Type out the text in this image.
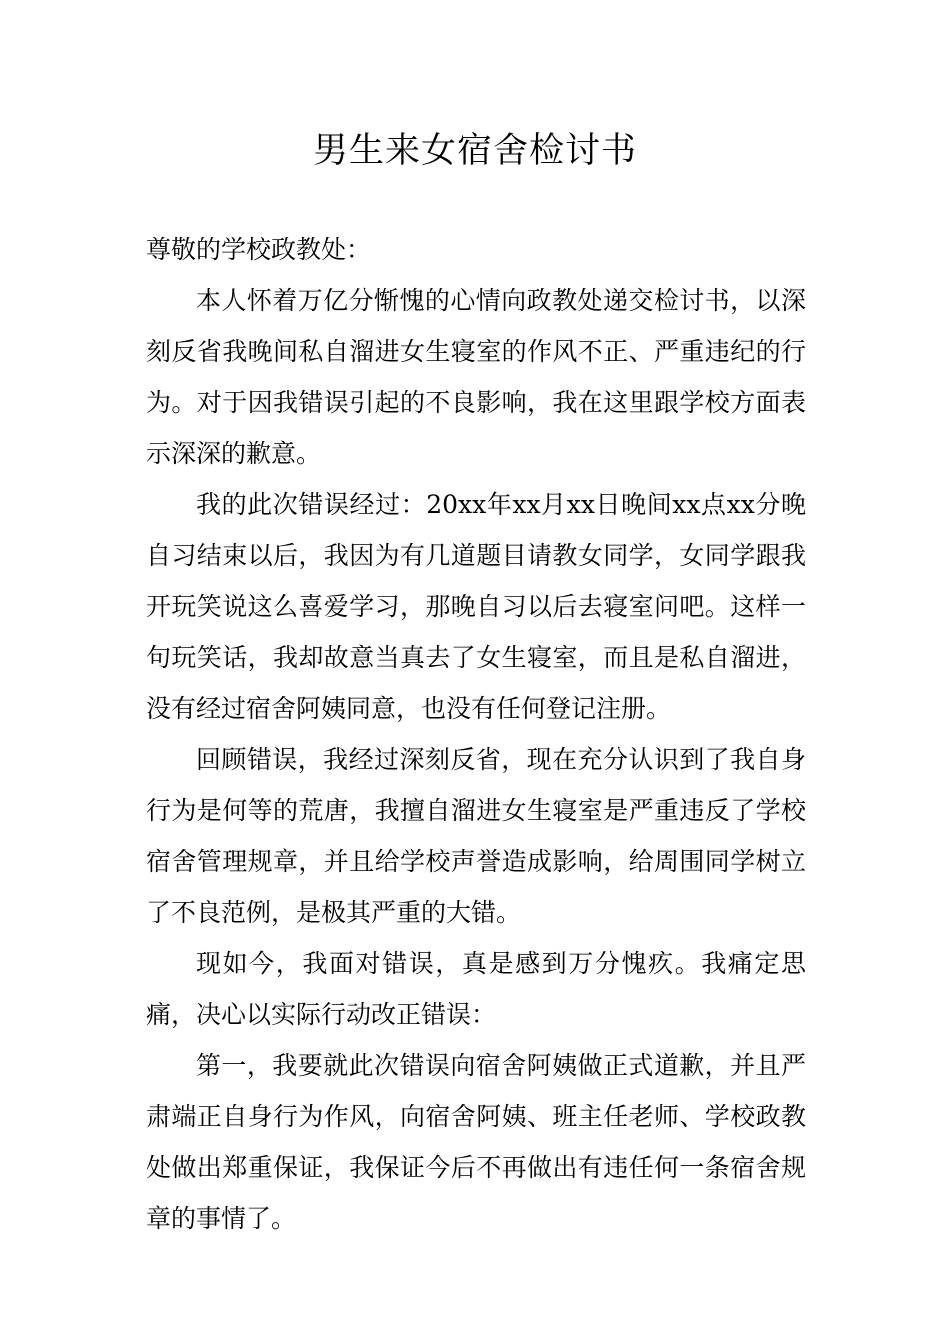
男生来女宿舍检讨书

尊敬的学校政教处：

本人怀着万亿分惭愧的心情向政教处递交检讨书，以深刻反省我晚间私自溜进女生寝室的作风不正、严重违纪的行为。对于因我错误引起的不良影响，我在这里跟学校方面表示深深的歉意。

我的此次错误经过：20xx年xx月xx日晚间xx点xx分晚自习结束以后，我因为有几道题目请教女同学，女同学跟我开玩笑说这么喜爱学习，那晚自习以后去寝室问吧。这样一句玩笑话，我却故意当真去了女生寝室，而且是私自溜进，没有经过宿舍阿姨同意，也没有任何登记注册。

回顾错误，我经过深刻反省，现在充分认识到了我自身行为是何等的荒唐，我擅自溜进女生寝室是严重违反了学校宿舍管理规章，并且给学校声誉造成影响，给周围同学树立了不良范例，是极其严重的大错。

现如今，我面对错误，真是感到万分愧疚。我痛定思痛，决心以实际行动改正错误：

第一，我要就此次错误向宿舍阿姨做正式道歉，并且严肃端正自身行为作风，向宿舍阿姨、班主任老师、学校政教处做出郑重保证，我保证今后不再做出有违任何一条宿舍规章的事情了。
